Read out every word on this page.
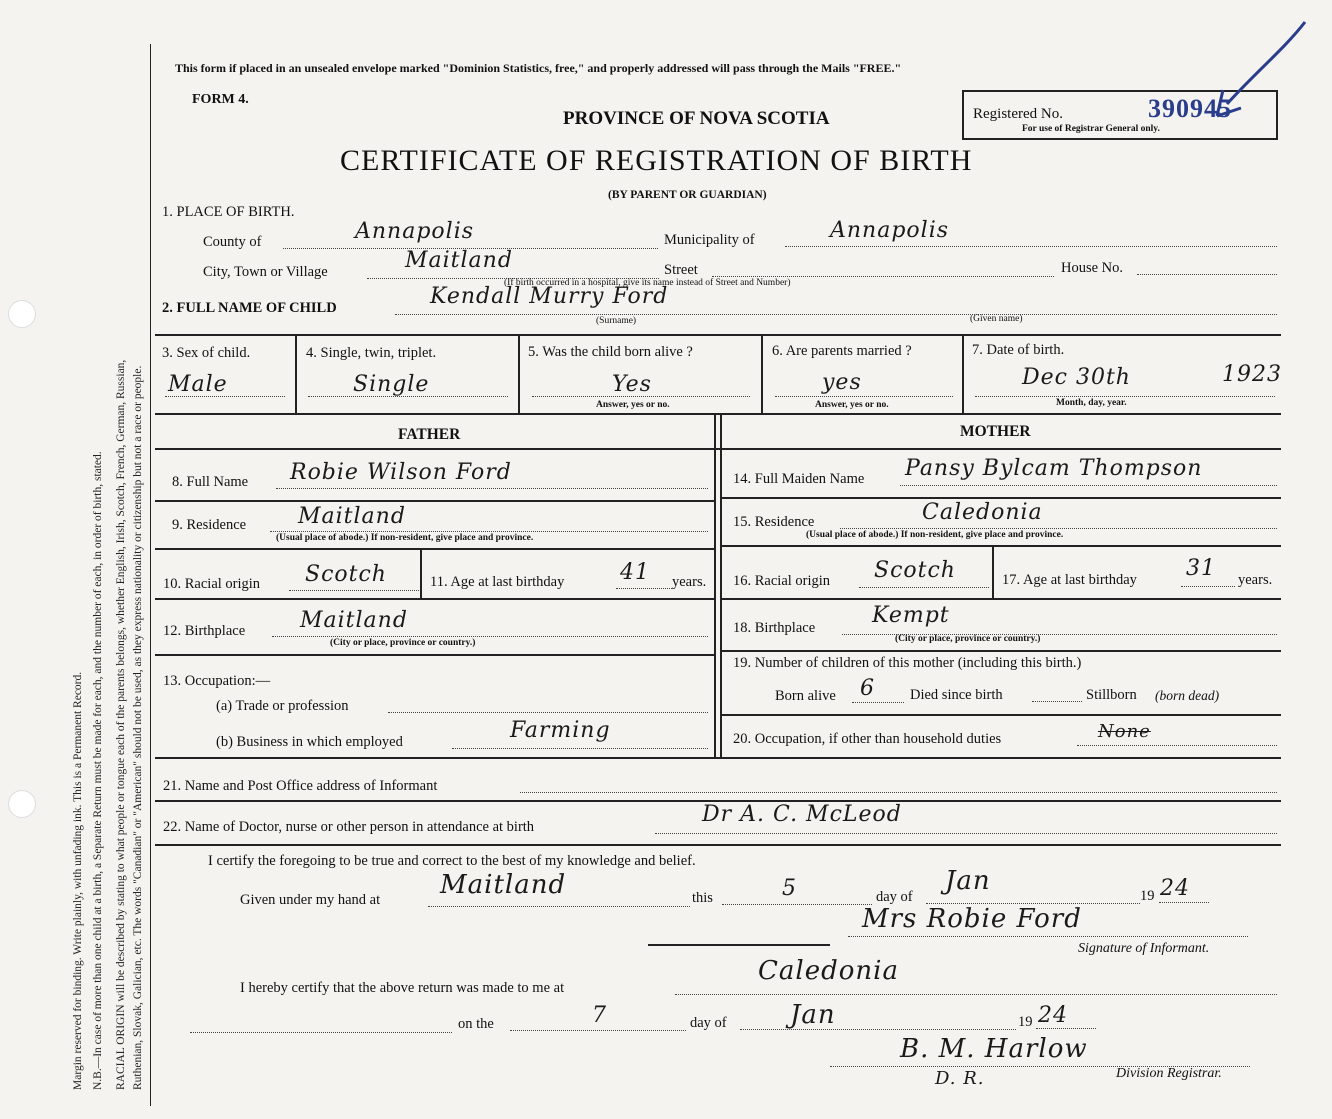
Margin reserved for binding. Write plainly, with unfading ink. This is a Permanent Record. N.B.—In case of more than one child at a birth, a Separate Return must be made for each, and the number of each, in order of birth, stated. RACIAL ORIGIN will be described by stating to what people or tongue each of the parents belongs, whether English, Irish, Scotch, French, German, Russian, Ruthenian, Slovak, Galician, etc. The words "Canadian" or "American" should not be used, as they express nationality or citizenship but not a race or people.
This form if placed in an unsealed envelope marked "Dominion Statistics, free," and properly addressed will pass through the Mails "FREE."
FORM 4.
PROVINCE OF NOVA SCOTIA
CERTIFICATE OF REGISTRATION OF BIRTH
(BY PARENT OR GUARDIAN)
Registered No.	390945
For use of Registrar General only.
1. PLACE OF BIRTH.
County of	Annapolis	Municipality of	Annapolis
City, Town or Village	Maitland	Street
(If birth occurred in a hospital, give its name instead of Street and Number)
House No.
2. FULL NAME OF CHILD	Kendall Murry Ford
(Surname)	(Given name)
3. Sex of child.
Male
4. Single, twin, triplet.
Single
5. Was the child born alive ?
Yes
Answer, yes or no.
6. Are parents married ?
yes
Answer, yes or no.
7. Date of birth.
Dec 30th	1923
Month, day, year.
FATHER	MOTHER
8. Full Name Robie Wilson Ford
9. Residence Maitland
(Usual place of abode.) If non-resident, give place and province.
10. Racial origin Scotch	11. Age at last birthday	41 years.
12. Birthplace Maitland
(City or place, province or country.)
13. Occupation:—
(a) Trade or profession
(b) Business in which employed	Farming
14. Full Maiden Name Pansy Bylcam Thompson
15. Residence	Caledonia
(Usual place of abode.) If non-resident, give place and province.
16. Racial origin Scotch	17. Age at last birthday 31 years.
18. Birthplace	Kempt
(City or place, province or country.)
19. Number of children of this mother (including this birth.)
Born alive 6 Died since birth	Stillborn (born dead)
20. Occupation, if other than household duties	None
21. Name and Post Office address of Informant
22. Name of Doctor, nurse or other person in attendance at birth	Dr A. C. McLeod
I certify the foregoing to be true and correct to the best of my knowledge and belief.
Given under my hand at Maitland	this	5	day of
Jan	19 24
Mrs Robie Ford
Signature of Informant.
I hereby certify that the above return was made to me at
Caledonia
on the	7	day of Jan	19 24
B. M. Harlow
D. R.	Division Registrar.
